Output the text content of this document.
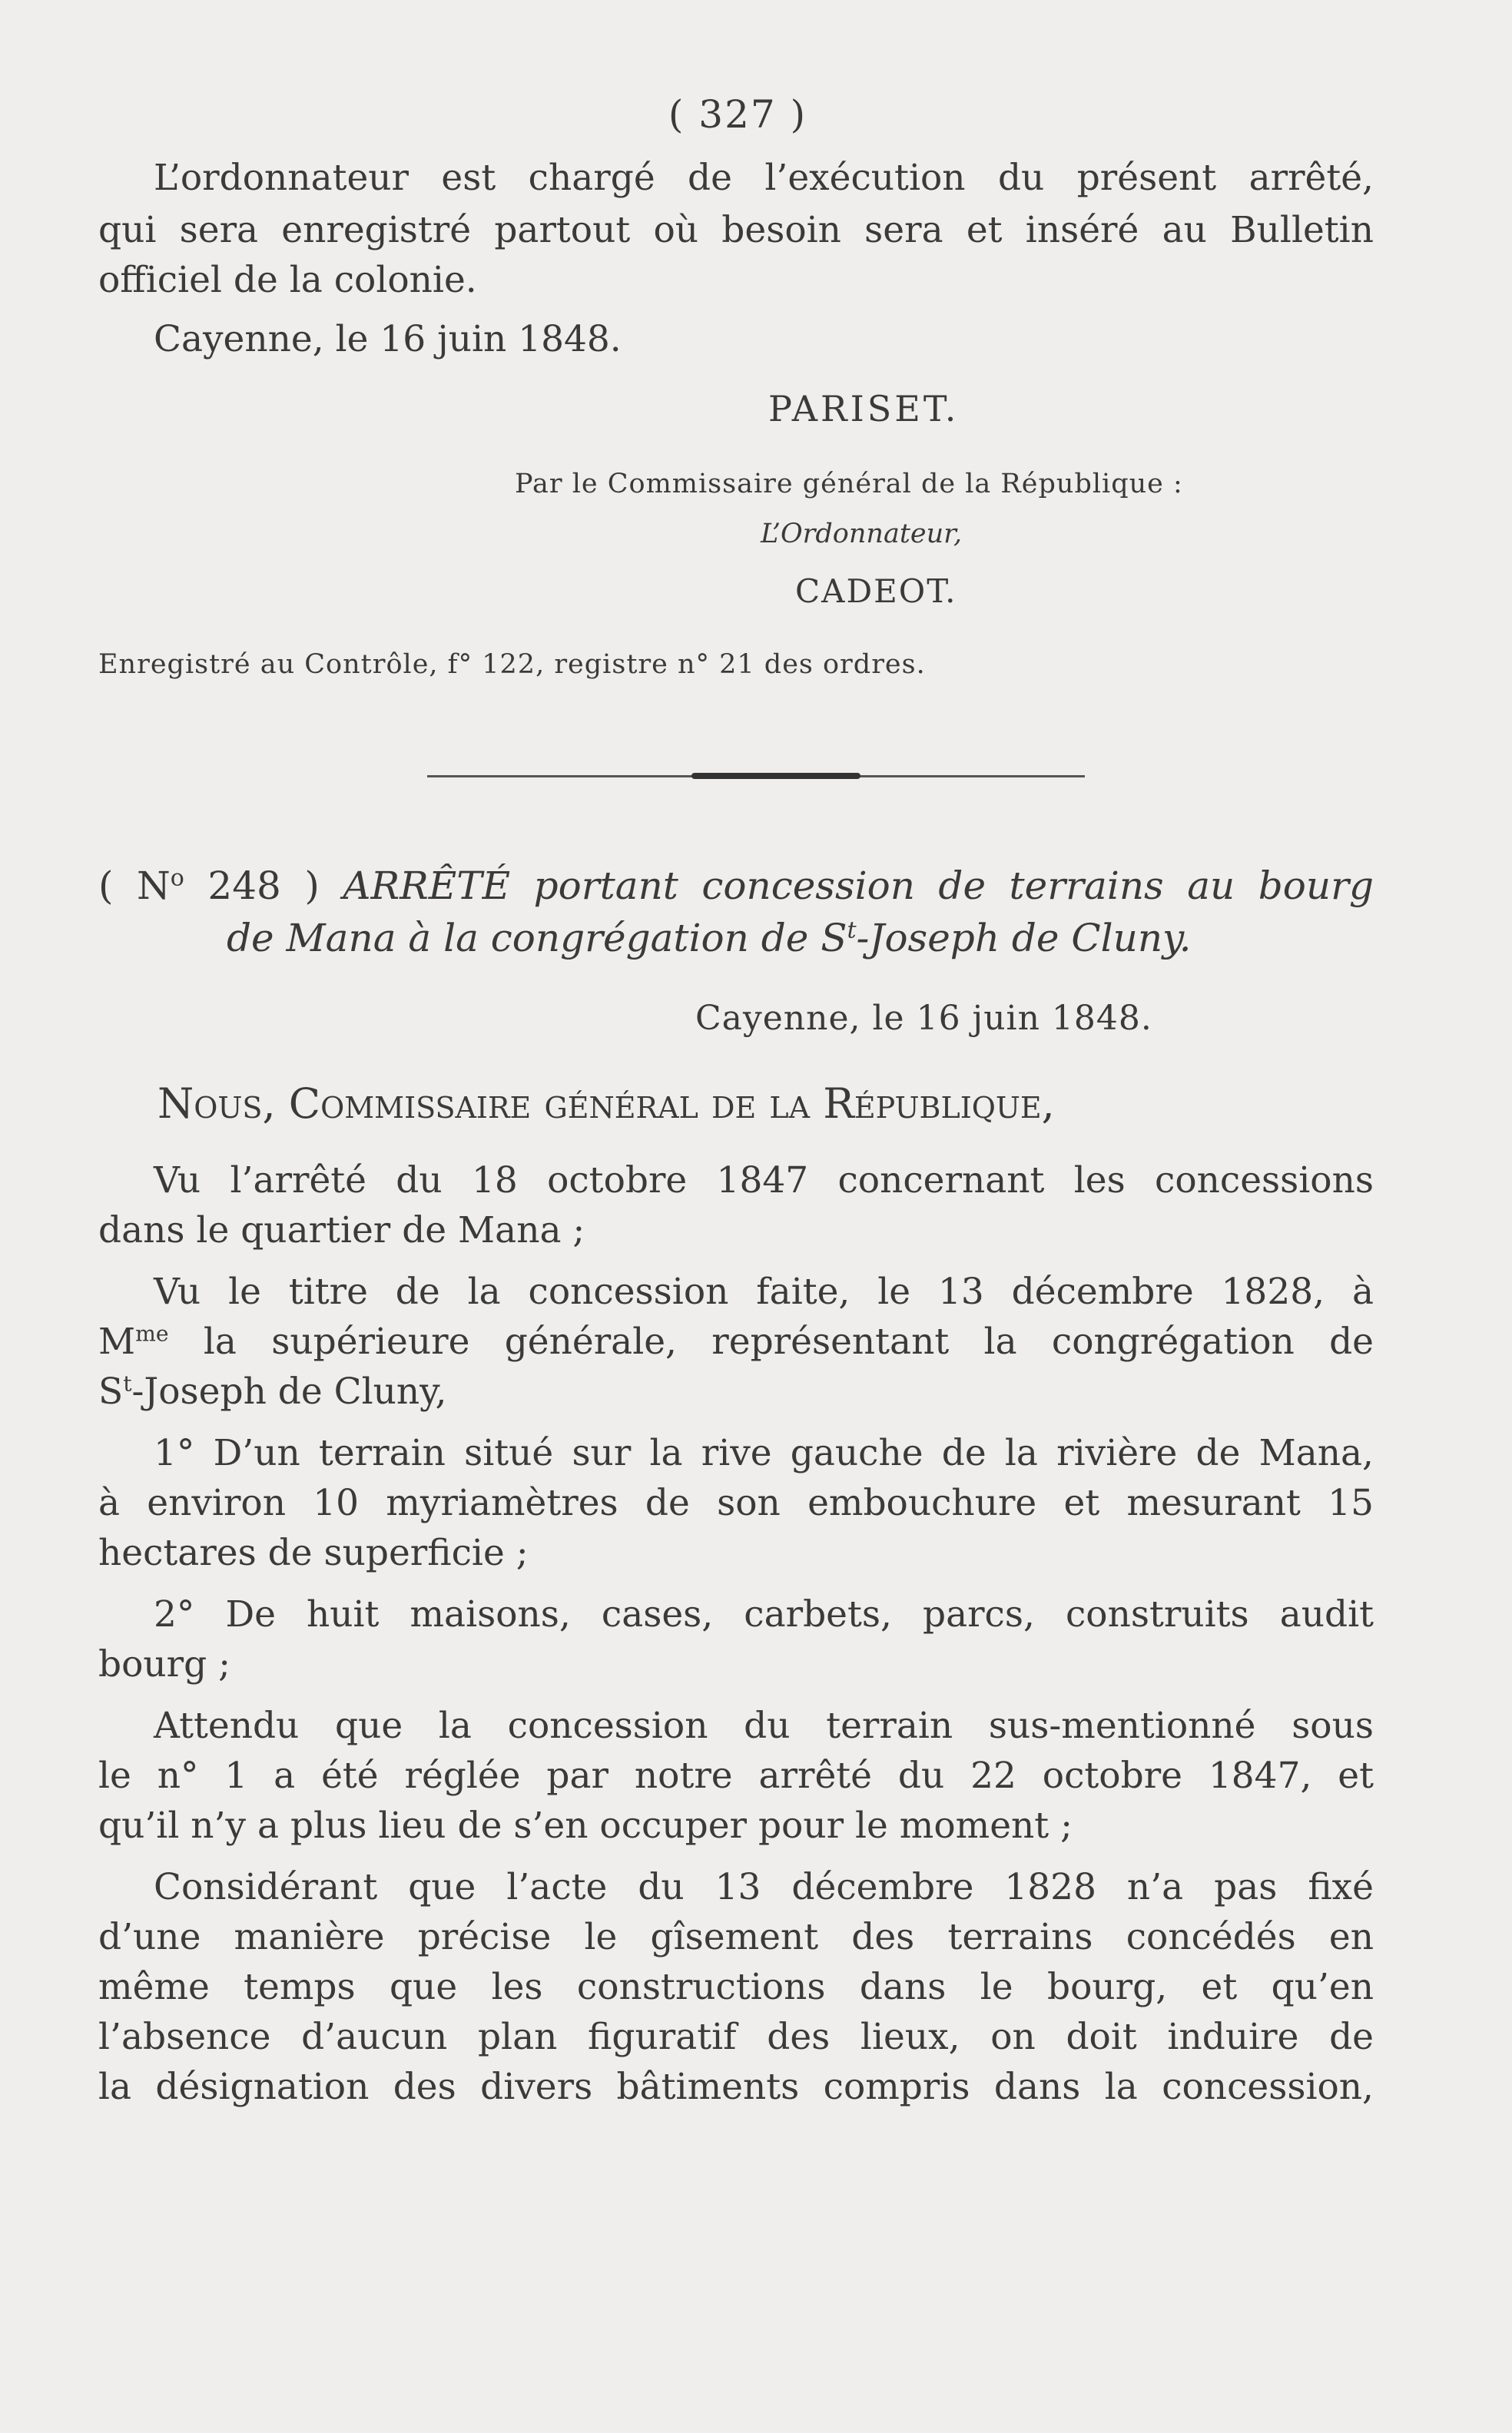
( 327 )

L’ordonnateur est chargé de l’exécution du présent arrêté,

qui sera enregistré partout où besoin sera et inséré au Bulletin

officiel de la colonie.

Cayenne, le 16 juin 1848.

PARISET.
Par le Commissaire général de la République :
L’Ordonnateur,
CADEOT.
Enregistré au Contrôle, f° 122, registre n° 21 des ordres.
( $N^o$ 248 ) ARRÊTÉ portant concession de terrains au bourg
de Mana à la congrégation de $S^t$-Joseph de Cluny.
Cayenne, le 16 juin 1848.
Nous, Commissaire général de la République,

Vu l’arrêté du 18 octobre 1847 concernant les concessions

dans le quartier de Mana ;

Vu le titre de la concession faite, le 13 décembre 1828, à

$M^{me}$ la supérieure générale, représentant la congrégation de

$S^t$-Joseph de Cluny,

1° D’un terrain situé sur la rive gauche de la rivière de Mana,

à environ 10 myriamètres de son embouchure et mesurant 15

hectares de superficie ;

2° De huit maisons, cases, carbets, parcs, construits audit

bourg ;

Attendu que la concession du terrain sus-mentionné sous

le n° 1 a été réglée par notre arrêté du 22 octobre 1847, et

qu’il n’y a plus lieu de s’en occuper pour le moment ;

Considérant que l’acte du 13 décembre 1828 n’a pas fixé

d’une manière précise le gîsement des terrains concédés en

même temps que les constructions dans le bourg, et qu’en

l’absence d’aucun plan figuratif des lieux, on doit induire de

la désignation des divers bâtiments compris dans la concession,
